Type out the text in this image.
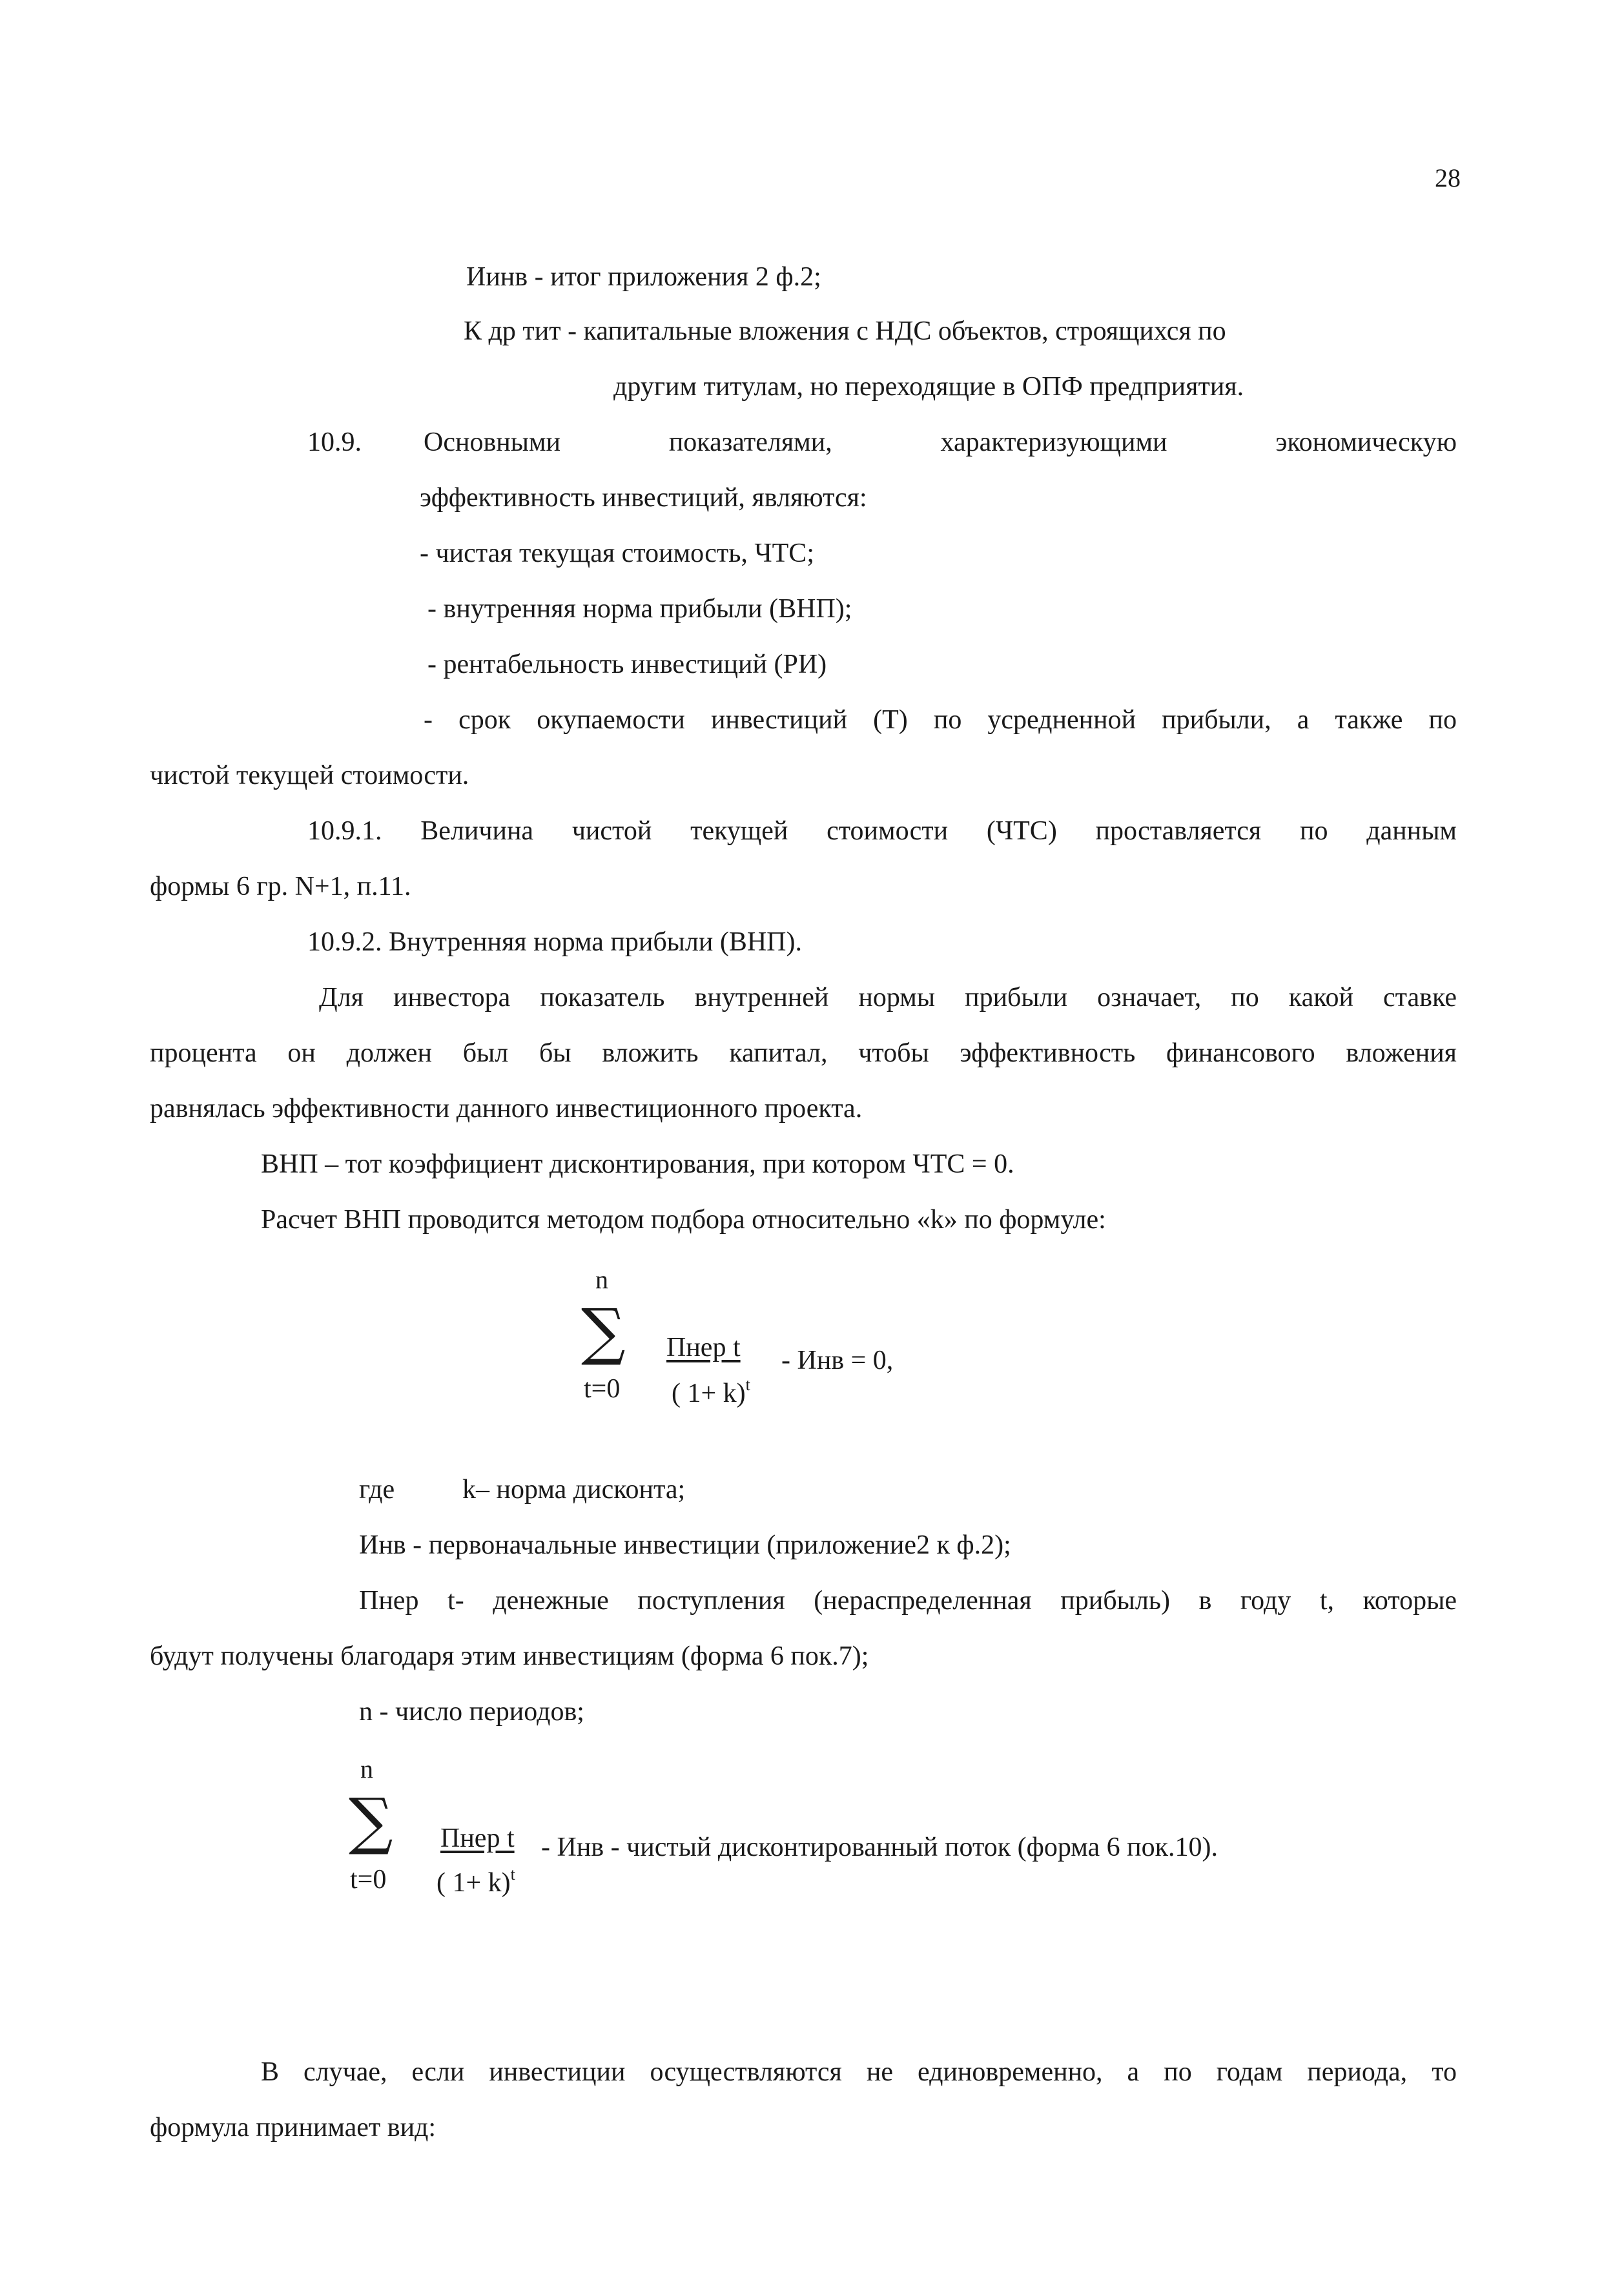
28
Иинв - итог приложения 2 ф.2;
К др тит - капитальные вложения с НДС объектов, строящихся по
другим титулам, но переходящие в ОПФ предприятия.
10.9. Основными	показателями,	характеризующими	экономическую
эффективность инвестиций, являются:
- чистая текущая стоимость, ЧТС;
- внутренняя норма прибыли (ВНП);
- рентабельность инвестиций (РИ)
- срок окупаемости инвестиций (Т) по усредненной прибыли, а также по
чистой текущей стоимости.
10.9.1. Величина чистой текущей стоимости (ЧТС) проставляется по данным
формы 6 гр. N+1, п.11.
10.9.2. Внутренняя норма прибыли (ВНП).
Для инвестора показатель внутренней нормы прибыли означает, по какой ставке
процента он должен был бы вложить капитал, чтобы эффективность финансового вложения
равнялась эффективности данного инвестиционного проекта.
ВНП – тот коэффициент дисконтирования, при котором ЧТС = 0.
Расчет ВНП проводится методом подбора относительно «k» по формуле:
n
∑
t=0
Пнер t
( 1+ k)$^t$
- Инв = 0,
где k– норма дисконта;
Инв - первоначальные инвестиции (приложение2 к ф.2);
Пнер t- денежные поступления (нераспределенная прибыль) в году t, которые
будут получены благодаря этим инвестициям (форма 6 пок.7);
n - число периодов;
n
∑
t=0
Пнер t
( 1+ k)$^t$
- Инв - чистый дисконтированный поток (форма 6 пок.10).
В случае, если инвестиции осуществляются не единовременно, а по годам периода, то
формула принимает вид:
